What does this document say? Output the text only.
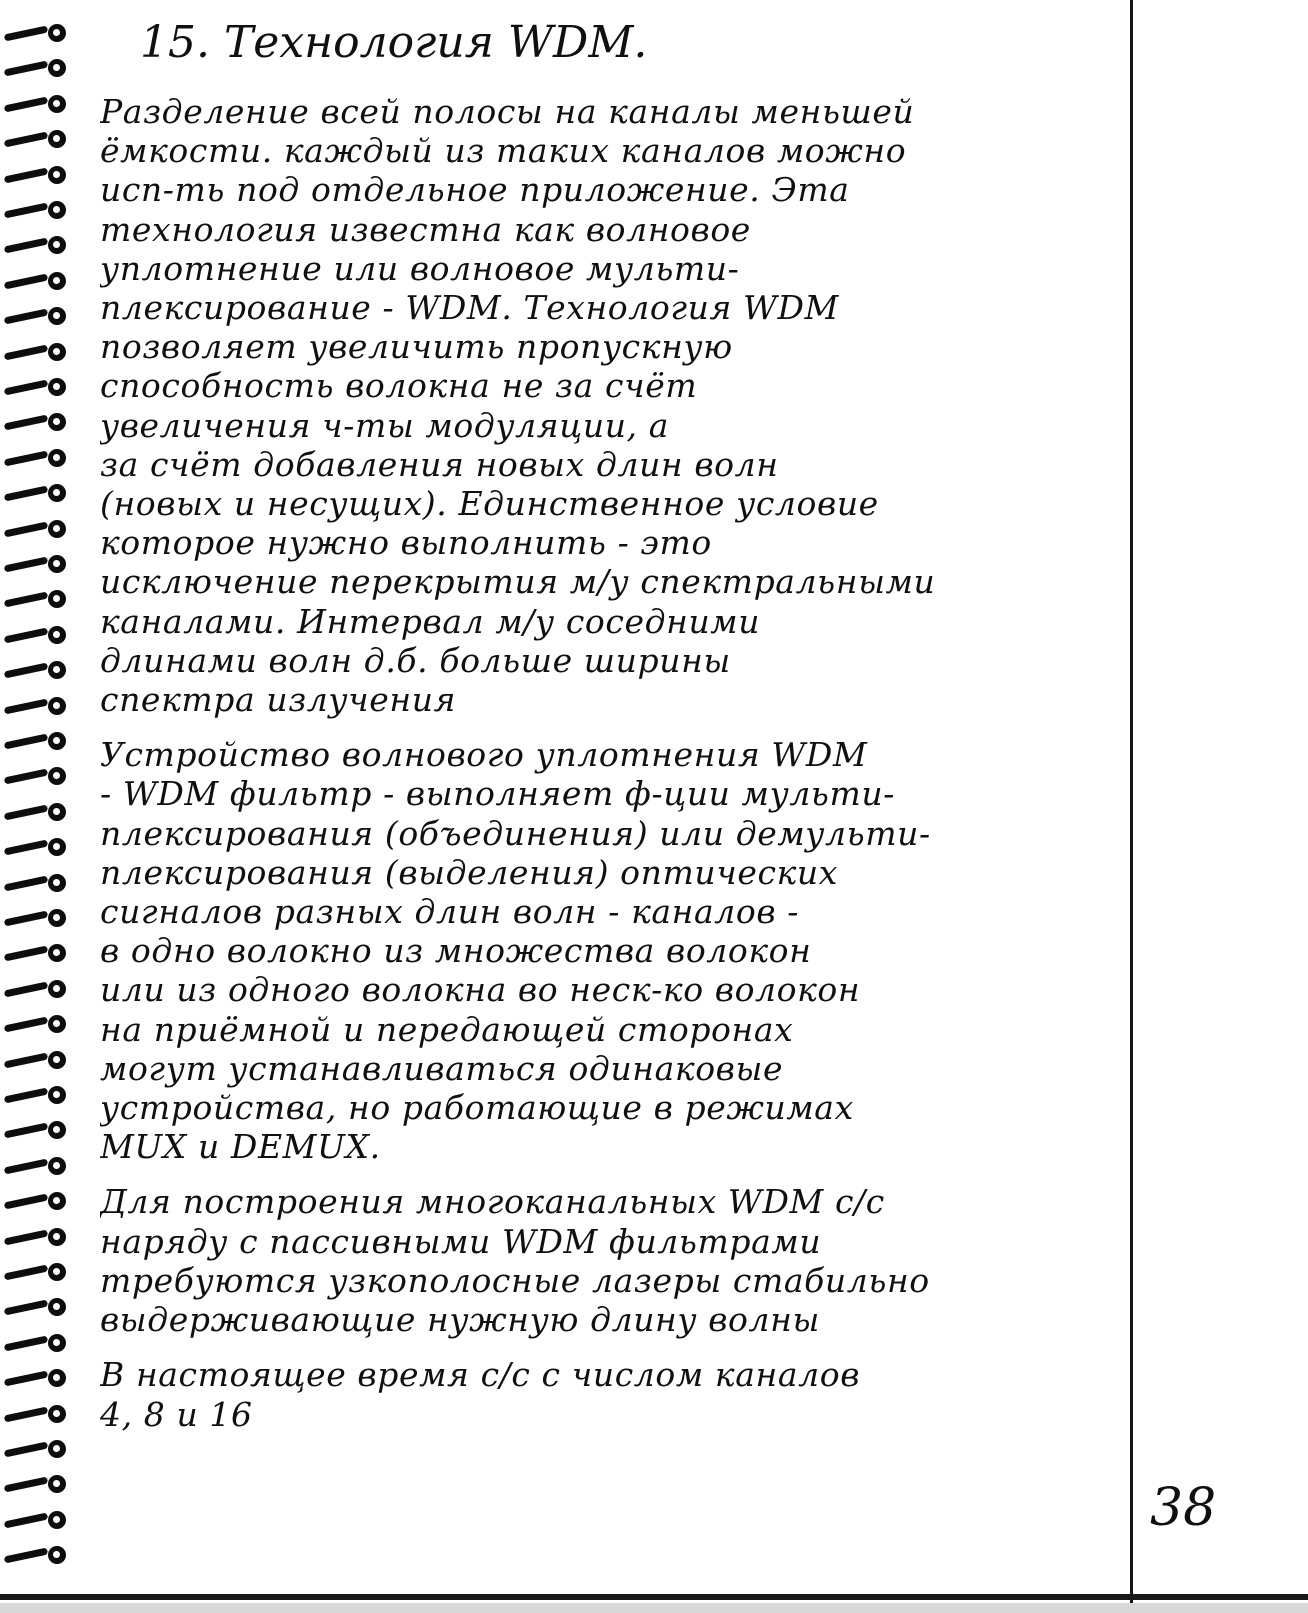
15. Технология WDM.
Разделение всей полосы на каналы меньшей
ёмкости. каждый из таких каналов можно
исп-ть под отдельное приложение. Эта
технология известна как волновое
уплотнение или волновое мульти-
плексирование - WDM. Технология WDM
позволяет увеличить пропускную
способность волокна не за счёт
увеличения ч-ты модуляции, а
за счёт добавления новых длин волн
(новых и несущих). Единственное условие
которое нужно выполнить - это
исключение перекрытия м/у спектральными
каналами. Интервал м/у соседними
длинами волн д.б. больше ширины
спектра излучения
Устройство волнового уплотнения WDM
- WDM фильтр - выполняет ф-ции мульти-
плексирования (объединения) или демульти-
плексирования (выделения) оптических
сигналов разных длин волн - каналов -
в одно волокно из множества волокон
или из одного волокна во неск-ко волокон
на приёмной и передающей сторонах
могут устанавливаться одинаковые
устройства, но работающие в режимах
MUX и DEMUX.
Для построения многоканальных WDM с/с
наряду с пассивными WDM фильтрами
требуются узкополосные лазеры стабильно
выдерживающие нужную длину волны
В настоящее время с/с с числом каналов
4, 8 и 16
38
